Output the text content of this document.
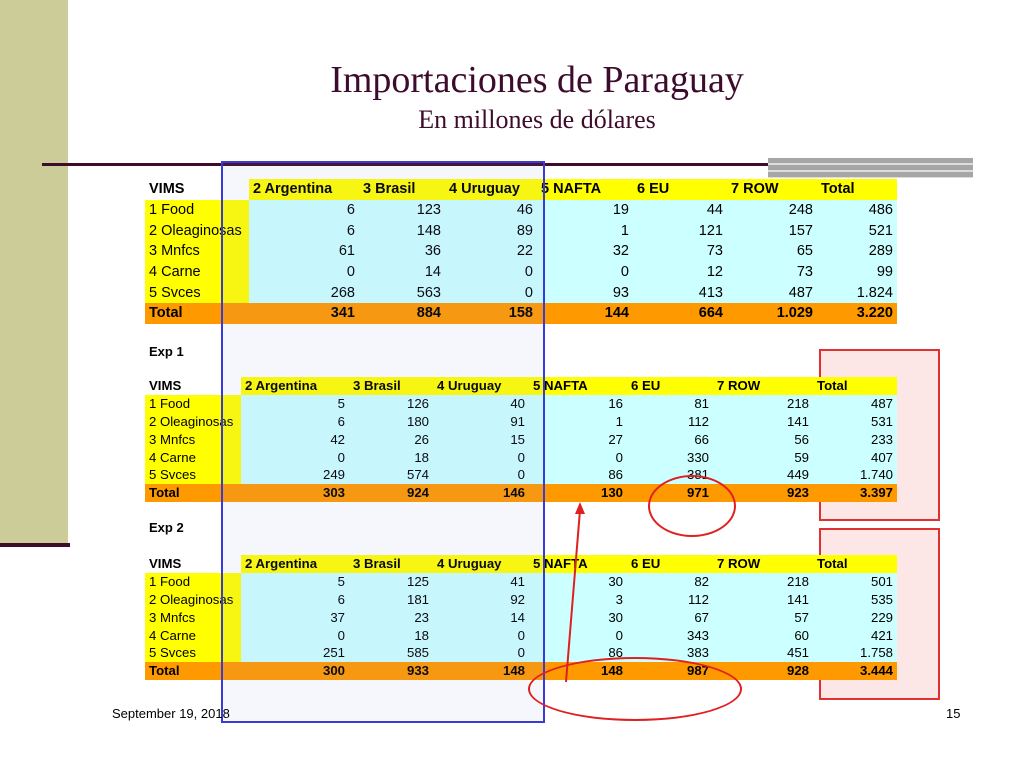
Importaciones de Paraguay
En millones de dólares
VIMS	2 Argentina	3 Brasil	4 Uruguay	5 NAFTA	6 EU	7 ROW	Total
1 Food	6	123	46	19	44	248	486
2 Oleaginosas	6	148	89	1	121	157	521
3 Mnfcs	61	36	22	32	73	65	289
4 Carne	0	14	0	0	12	73	99
5 Svces	268	563	0	93	413	487	1.824
Total	341	884	158	144	664	1.029	3.220
Exp 1
VIMS	2 Argentina	3 Brasil	4 Uruguay	5 NAFTA	6 EU	7 ROW	Total
1 Food	5	126	40	16	81	218	487
2 Oleaginosas	6	180	91	1	112	141	531
3 Mnfcs	42	26	15	27	66	56	233
4 Carne	0	18	0	0	330	59	407
5 Svces	249	574	0	86	381	449	1.740
Total	303	924	146	130	971	923	3.397
Exp 2
VIMS	2 Argentina	3 Brasil	4 Uruguay	5 NAFTA	6 EU	7 ROW	Total
1 Food	5	125	41	30	82	218	501
2 Oleaginosas	6	181	92	3	112	141	535
3 Mnfcs	37	23	14	30	67	57	229
4 Carne	0	18	0	0	343	60	421
5 Svces	251	585	0	86	383	451	1.758
Total	300	933	148	148	987	928	3.444
September 19, 2018	15
